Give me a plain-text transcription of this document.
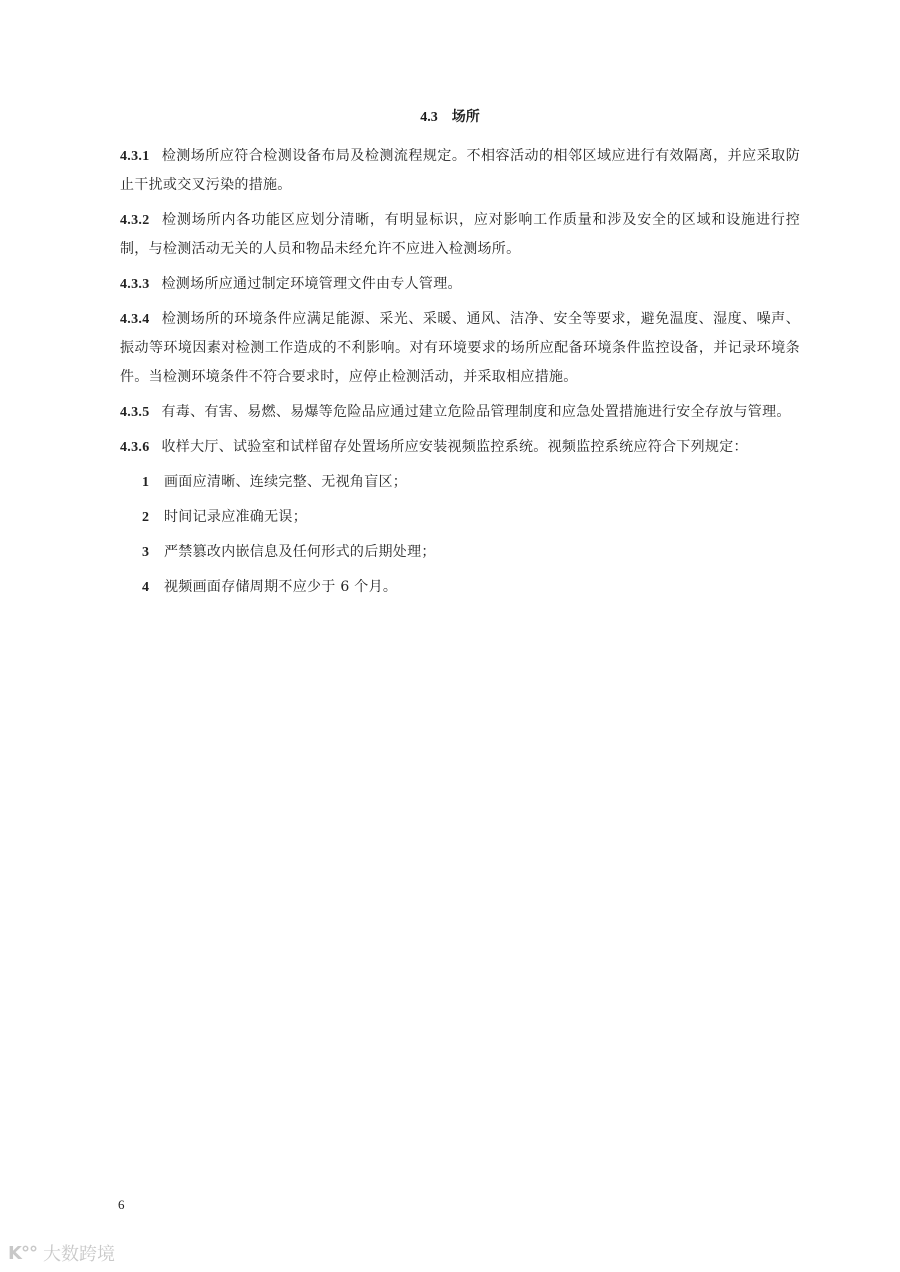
4.3 场所
4.3.1 检测场所应符合检测设备布局及检测流程规定。不相容活动的相邻区域应进行有效隔离，并应采取防止干扰或交叉污染的措施。
4.3.2 检测场所内各功能区应划分清晰，有明显标识，应对影响工作质量和涉及安全的区域和设施进行控制，与检测活动无关的人员和物品未经允许不应进入检测场所。
4.3.3 检测场所应通过制定环境管理文件由专人管理。
4.3.4 检测场所的环境条件应满足能源、采光、采暖、通风、洁净、安全等要求，避免温度、湿度、噪声、振动等环境因素对检测工作造成的不利影响。对有环境要求的场所应配备环境条件监控设备，并记录环境条件。当检测环境条件不符合要求时，应停止检测活动，并采取相应措施。
4.3.5 有毒、有害、易燃、易爆等危险品应通过建立危险品管理制度和应急处置措施进行安全存放与管理。
4.3.6 收样大厅、试验室和试样留存处置场所应安装视频监控系统。视频监控系统应符合下列规定：
1 画面应清晰、连续完整、无视角盲区；
2 时间记录应准确无误；
3 严禁篡改内嵌信息及任何形式的后期处理；
4 视频画面存储周期不应少于 6 个月。
6
K°° 大数跨境
